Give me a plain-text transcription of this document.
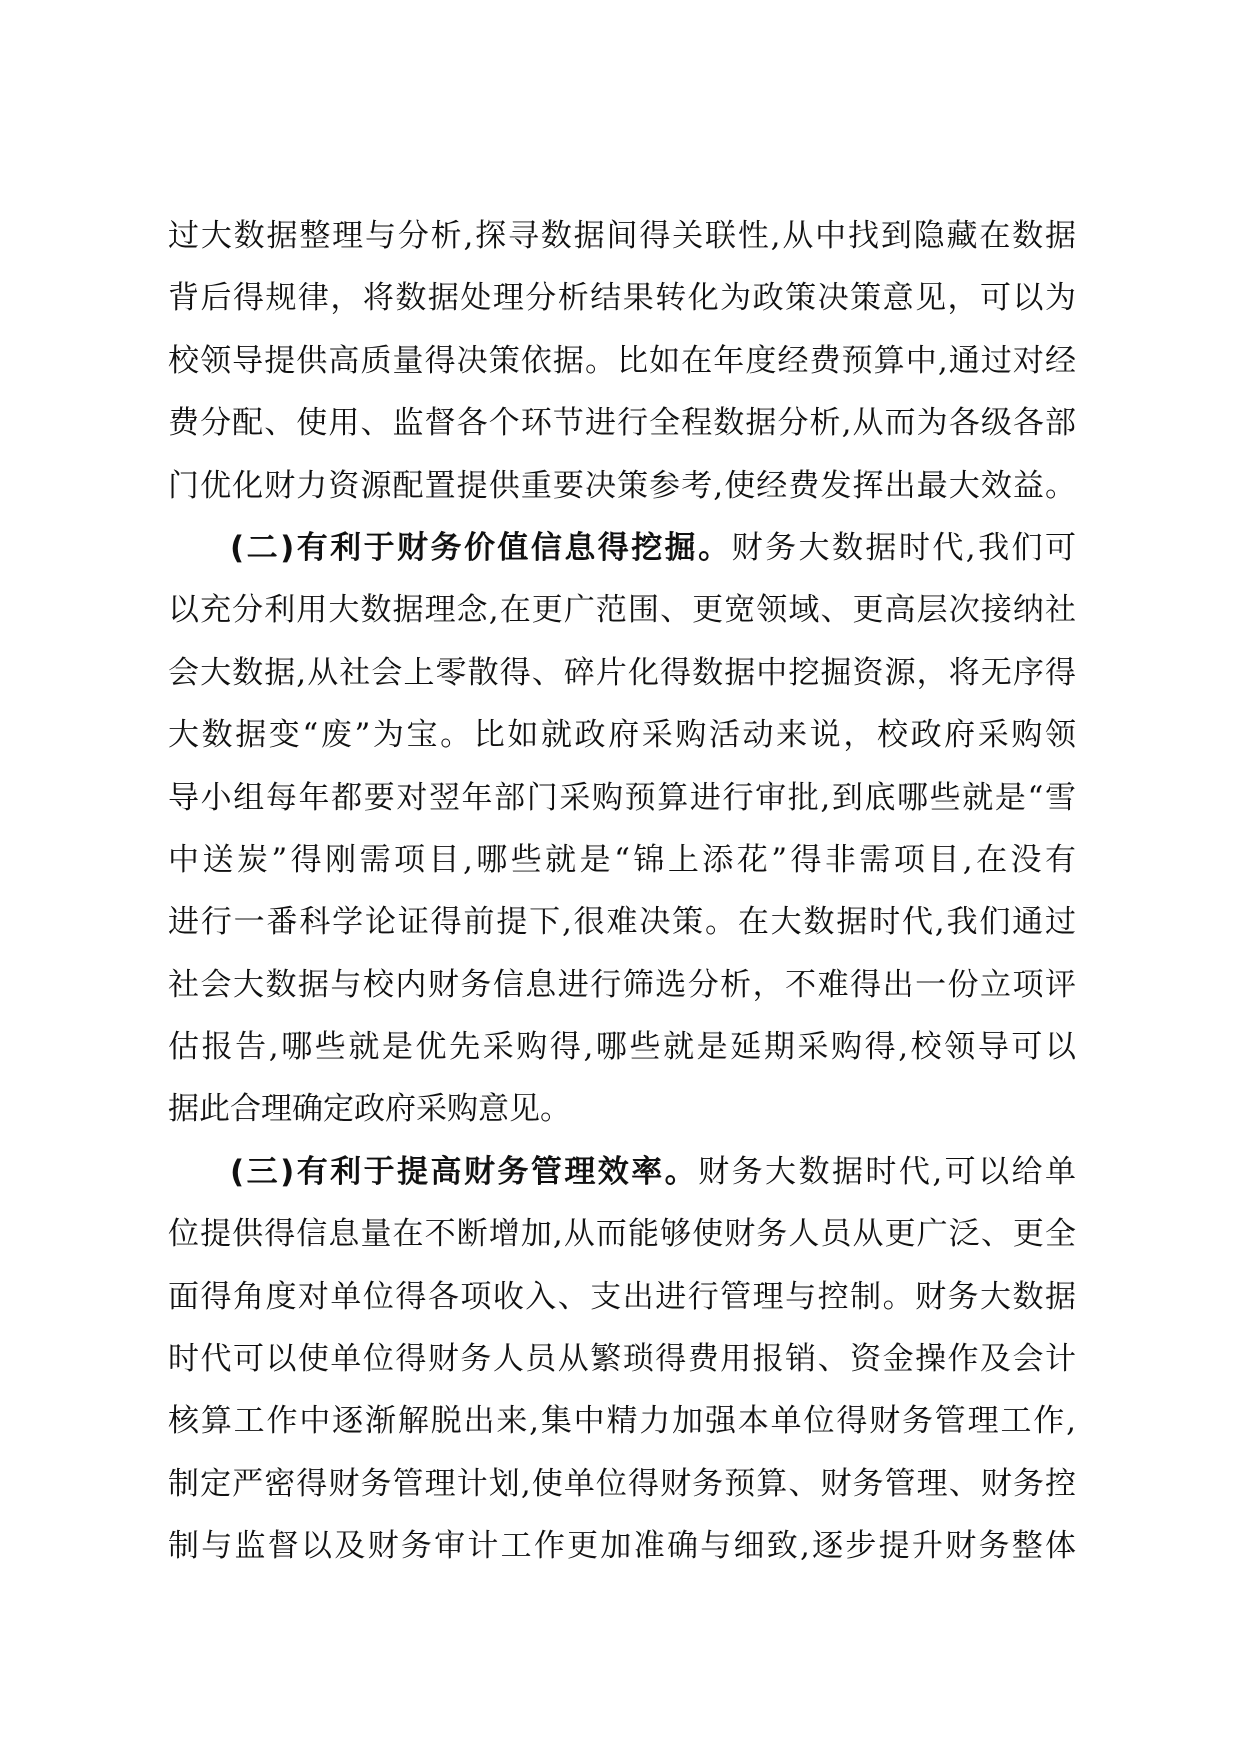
过大数据整理与分析,探寻数据间得关联性,从中找到隐藏在数据
背后得规律，将数据处理分析结果转化为政策决策意见，可以为
校领导提供高质量得决策依据。比如在年度经费预算中,通过对经
费分配、使用、监督各个环节进行全程数据分析,从而为各级各部
门优化财力资源配置提供重要决策参考,使经费发挥出最大效益。
(二)有利于财务价值信息得挖掘。财务大数据时代,我们可
以充分利用大数据理念,在更广范围、更宽领域、更高层次接纳社
会大数据,从社会上零散得、碎片化得数据中挖掘资源，将无序得
大数据变“废”为宝。比如就政府采购活动来说，校政府采购领
导小组每年都要对翌年部门采购预算进行审批,到底哪些就是“雪
中送炭”得刚需项目,哪些就是“锦上添花”得非需项目,在没有
进行一番科学论证得前提下,很难决策。在大数据时代,我们通过
社会大数据与校内财务信息进行筛选分析，不难得出一份立项评
估报告,哪些就是优先采购得,哪些就是延期采购得,校领导可以
据此合理确定政府采购意见。
(三)有利于提高财务管理效率。财务大数据时代,可以给单
位提供得信息量在不断增加,从而能够使财务人员从更广泛、更全
面得角度对单位得各项收入、支出进行管理与控制。财务大数据
时代可以使单位得财务人员从繁琐得费用报销、资金操作及会计
核算工作中逐渐解脱出来,集中精力加强本单位得财务管理工作,
制定严密得财务管理计划,使单位得财务预算、财务管理、财务控
制与监督以及财务审计工作更加准确与细致,逐步提升财务整体
